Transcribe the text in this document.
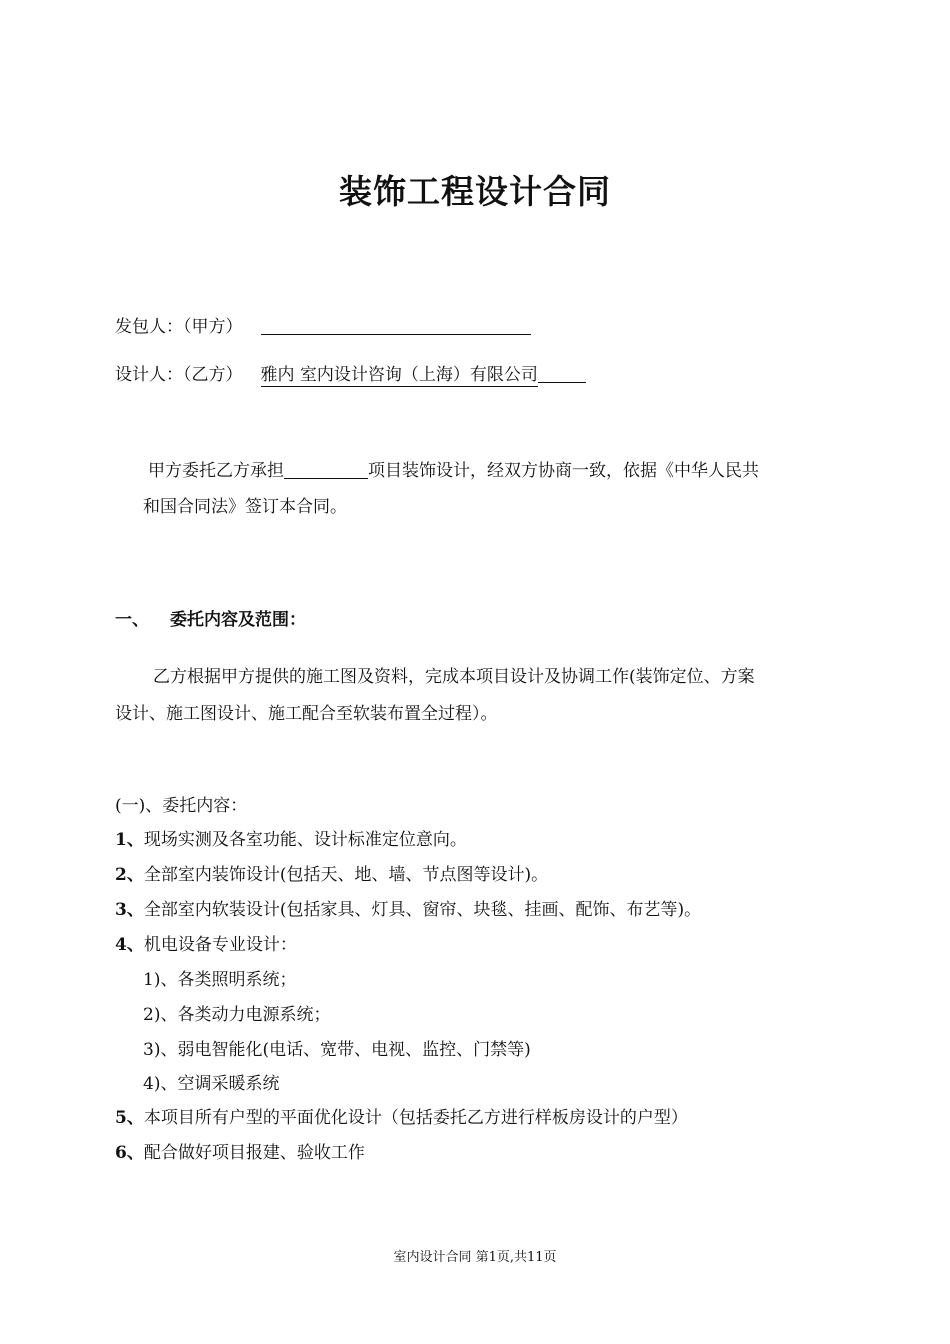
装饰工程设计合同
发包人：（甲方）
设计人：（乙方） 雅内 室内设计咨询（上海）有限公司
甲方委托乙方承担	项目装饰设计，经双方协商一致，依据《中华人民共
和国合同法》签订本合同。
一、 委托内容及范围：
乙方根据甲方提供的施工图及资料，完成本项目设计及协调工作(装饰定位、方案
设计、施工图设计、施工配合至软装布置全过程）。
(一)、委托内容：
1、现场实测及各室功能、设计标准定位意向。
2、全部室内装饰设计(包括天、地、墙、节点图等设计)。
3、全部室内软装设计(包括家具、灯具、窗帘、块毯、挂画、配饰、布艺等)。
4、机电设备专业设计：
1)、各类照明系统；
2)、各类动力电源系统；
3)、弱电智能化(电话、宽带、电视、监控、门禁等)
4)、空调采暖系统
5、本项目所有户型的平面优化设计（包括委托乙方进行样板房设计的户型）
6、配合做好项目报建、验收工作
室内设计合同 第1页,共11页
